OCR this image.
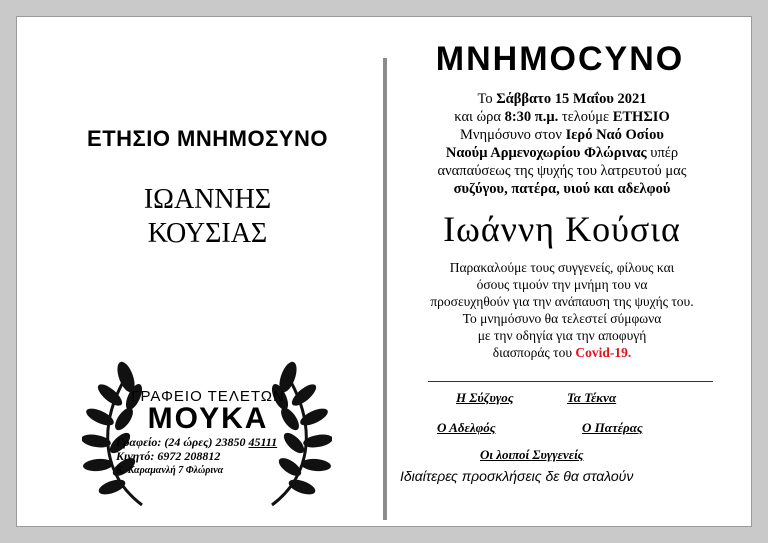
ΕΤΗΣΙΟ ΜΝΗΜΟΣΥΝΟ
ΙΩΑΝΝΗΣ
ΚΟΥΣΙΑΣ
ΓΡΑΦΕΙΟ ΤΕΛΕΤΩΝ
ΜΟΥΚΑ
Γραφείο: (24 ώρες) 23850 45111
Κινητό: 6972 208812
Κ. Καραμανλή 7 Φλώρινα
ΜΝΗΜΟCΥΝΟ
Το Σάββατο 15 Μαΐου 2021
και ώρα 8:30 π.μ. τελούμε ΕΤΗΣΙΟ
Μνημόσυνο στον Ιερό Ναό Οσίου
Ναούμ Αρμενοχωρίου Φλώρινας υπέρ
αναπαύσεως της ψυχής του λατρευτού μας
συζύγου, πατέρα, υιού και αδελφού
Ιωάννη Κούσια
Παρακαλούμε τους συγγενείς, φίλους και
όσους τιμούν την μνήμη του να
προσευχηθούν για την ανάπαυση της ψυχής του.
Το μνημόσυνο θα τελεστεί σύμφωνα
με την οδηγία για την αποφυγή
διασποράς του Covid-19.
Η Σύζυγος	Τα Τέκνα
Ο Αδελφός	Ο Πατέρας
Οι λοιποί Συγγενείς
Ιδιαίτερες προσκλήσεις δε θα σταλούν
